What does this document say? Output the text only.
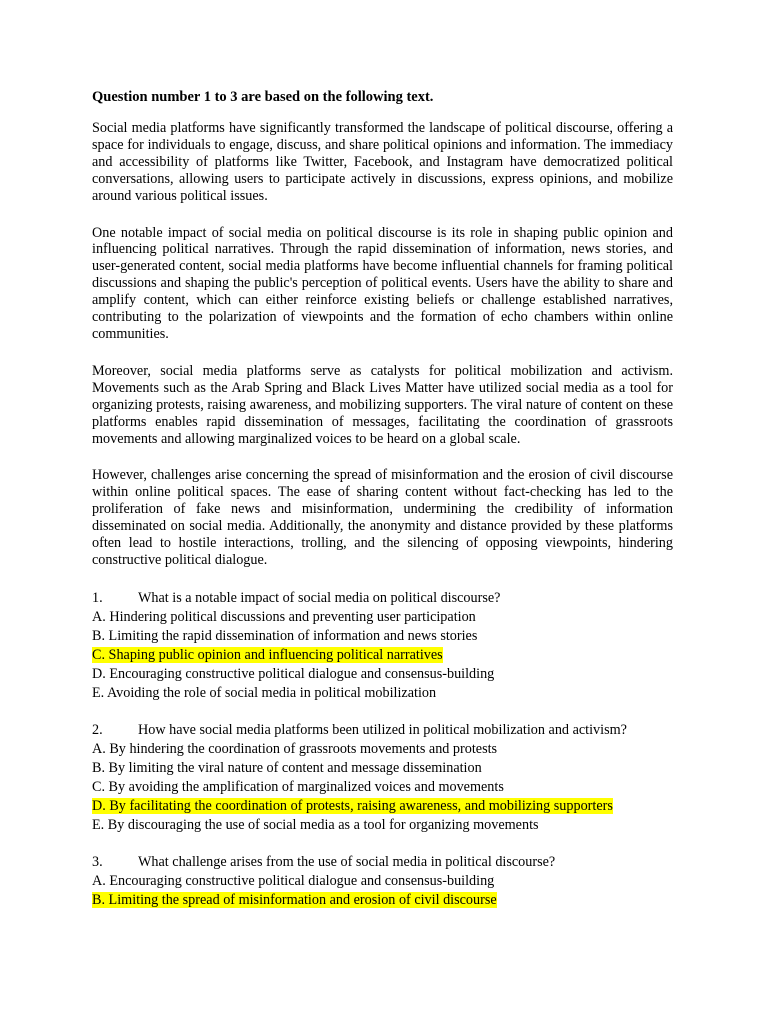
Question number 1 to 3 are based on the following text.

Social media platforms have significantly transformed the landscape of political discourse, offering a space for individuals to engage, discuss, and share political opinions and information. The immediacy and accessibility of platforms like Twitter, Facebook, and Instagram have democratized political conversations, allowing users to participate actively in discussions, express opinions, and mobilize around various political issues.

One notable impact of social media on political discourse is its role in shaping public opinion and influencing political narratives. Through the rapid dissemination of information, news stories, and user-generated content, social media platforms have become influential channels for framing political discussions and shaping the public's perception of political events. Users have the ability to share and amplify content, which can either reinforce existing beliefs or challenge established narratives, contributing to the polarization of viewpoints and the formation of echo chambers within online communities.

Moreover, social media platforms serve as catalysts for political mobilization and activism. Movements such as the Arab Spring and Black Lives Matter have utilized social media as a tool for organizing protests, raising awareness, and mobilizing supporters. The viral nature of content on these platforms enables rapid dissemination of messages, facilitating the coordination of grassroots movements and allowing marginalized voices to be heard on a global scale.

However, challenges arise concerning the spread of misinformation and the erosion of civil discourse within online political spaces. The ease of sharing content without fact-checking has led to the proliferation of fake news and misinformation, undermining the credibility of information disseminated on social media. Additionally, the anonymity and distance provided by these platforms often lead to hostile interactions, trolling, and the silencing of opposing viewpoints, hindering constructive political dialogue.

1.	What is a notable impact of social media on political discourse?
A. Hindering political discussions and preventing user participation
B. Limiting the rapid dissemination of information and news stories
C. Shaping public opinion and influencing political narratives
D. Encouraging constructive political dialogue and consensus-building
E. Avoiding the role of social media in political mobilization
2.	How have social media platforms been utilized in political mobilization and activism?
A. By hindering the coordination of grassroots movements and protests
B. By limiting the viral nature of content and message dissemination
C. By avoiding the amplification of marginalized voices and movements
D. By facilitating the coordination of protests, raising awareness, and mobilizing supporters
E. By discouraging the use of social media as a tool for organizing movements
3.	What challenge arises from the use of social media in political discourse?
A. Encouraging constructive political dialogue and consensus-building
B. Limiting the spread of misinformation and erosion of civil discourse
